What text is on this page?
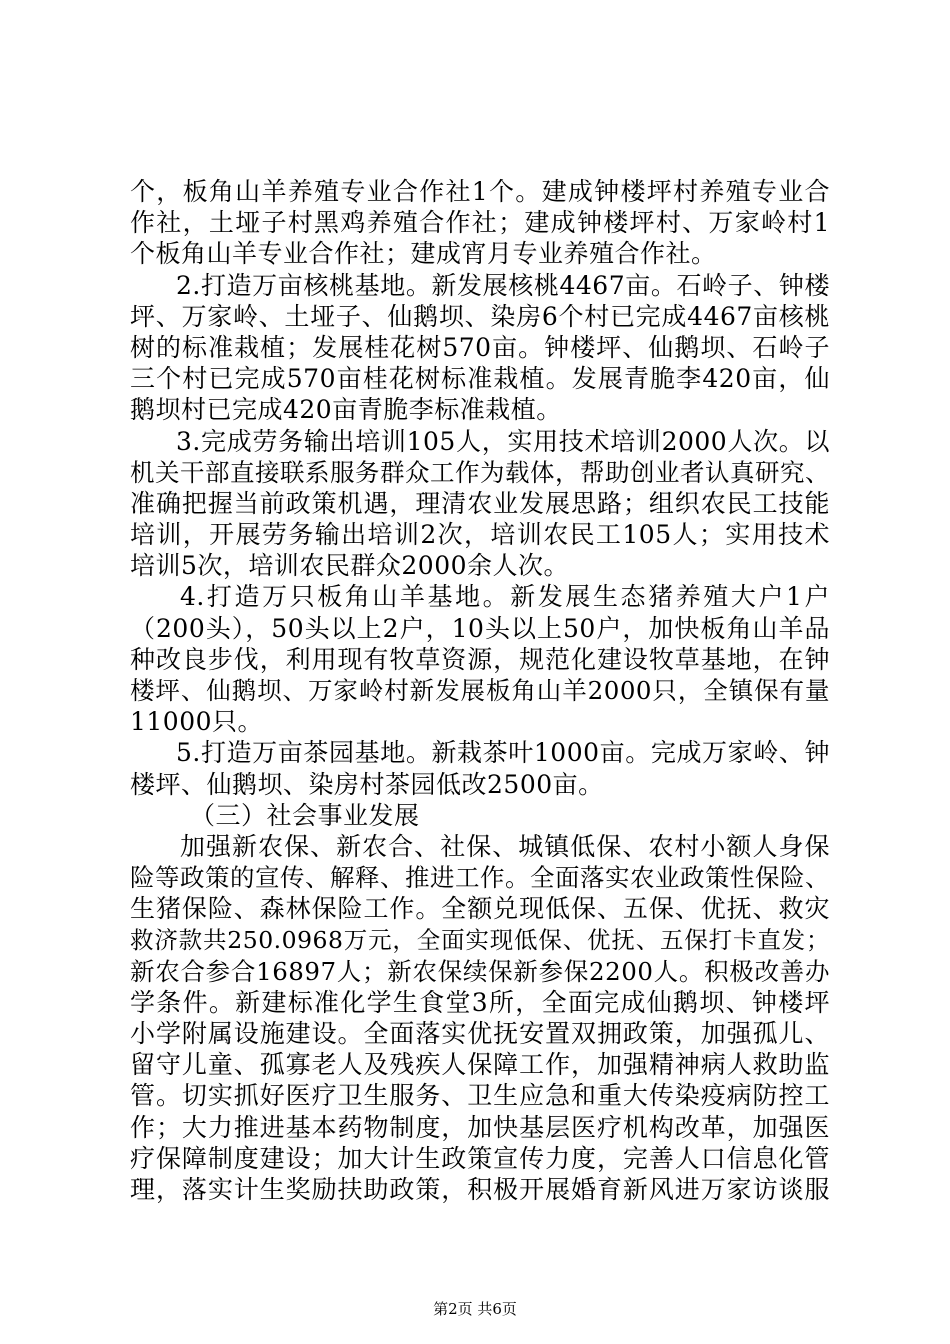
个，板角山羊养殖专业合作社1个。建成钟楼坪村养殖专业合
作社，土垭子村黑鸡养殖合作社；建成钟楼坪村、万家岭村1
个板角山羊专业合作社；建成宵月专业养殖合作社。
2.打造万亩核桃基地。新发展核桃4467亩。石岭子、钟楼
坪、万家岭、土垭子、仙鹅坝、染房6个村已完成4467亩核桃
树的标准栽植；发展桂花树570亩。钟楼坪、仙鹅坝、石岭子
三个村已完成570亩桂花树标准栽植。发展青脆李420亩，仙
鹅坝村已完成420亩青脆李标准栽植。
3.完成劳务输出培训105人，实用技术培训2000人次。以
机关干部直接联系服务群众工作为载体，帮助创业者认真研究、
准确把握当前政策机遇，理清农业发展思路；组织农民工技能
培训，开展劳务输出培训2次，培训农民工105人；实用技术
培训5次，培训农民群众2000余人次。
4.打造万只板角山羊基地。新发展生态猪养殖大户1户
（200头），50头以上2户，10头以上50户，加快板角山羊品
种改良步伐，利用现有牧草资源，规范化建设牧草基地，在钟
楼坪、仙鹅坝、万家岭村新发展板角山羊2000只，全镇保有量
11000只。
5.打造万亩茶园基地。新栽茶叶1000亩。完成万家岭、钟
楼坪、仙鹅坝、染房村茶园低改2500亩。
（三）社会事业发展
加强新农保、新农合、社保、城镇低保、农村小额人身保
险等政策的宣传、解释、推进工作。全面落实农业政策性保险、
生猪保险、森林保险工作。全额兑现低保、五保、优抚、救灾
救济款共250.0968万元，全面实现低保、优抚、五保打卡直发；
新农合参合16897人；新农保续保新参保2200人。积极改善办
学条件。新建标准化学生食堂3所，全面完成仙鹅坝、钟楼坪
小学附属设施建设。全面落实优抚安置双拥政策，加强孤儿、
留守儿童、孤寡老人及残疾人保障工作，加强精神病人救助监
管。切实抓好医疗卫生服务、卫生应急和重大传染疫病防控工
作；大力推进基本药物制度，加快基层医疗机构改革，加强医
疗保障制度建设；加大计生政策宣传力度，完善人口信息化管
理，落实计生奖励扶助政策，积极开展婚育新风进万家访谈服
第2页 共6页
